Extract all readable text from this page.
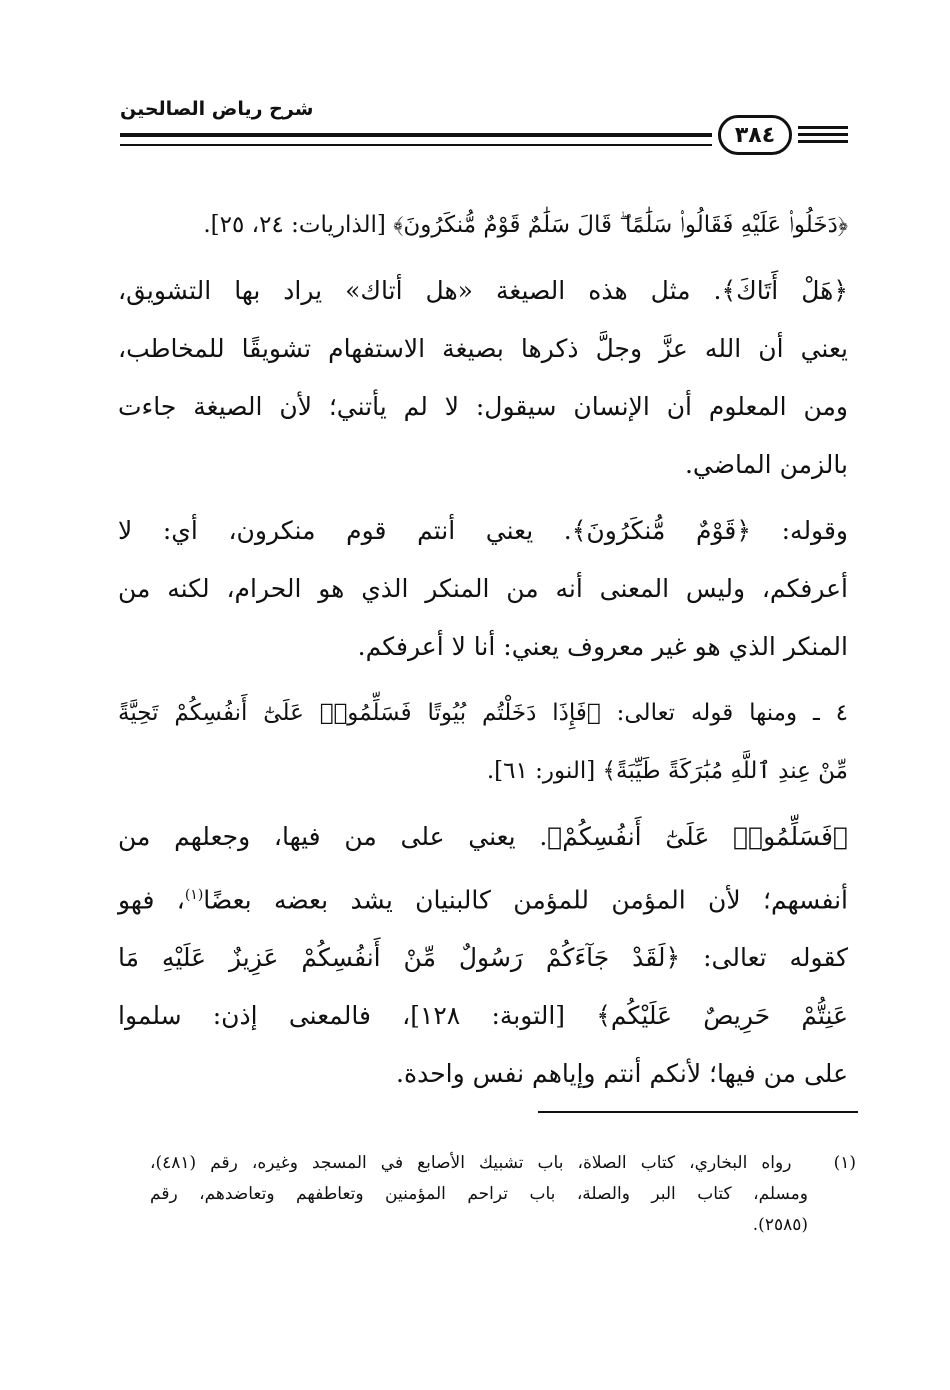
شرح رياض الصالحين
٣٨٤
﴿دَخَلُوا۟ عَلَيْهِ فَقَالُوا۟ سَلَٰمًا ۖ قَالَ سَلَٰمٌ قَوْمٌ مُّنكَرُونَ﴾ [الذاريات: ٢٤، ٢٥].
﴿هَلْ أَتَاكَ﴾. مثل هذه الصيغة «هل أتاك» يراد بها التشويق،
يعني أن الله عزَّ وجلَّ ذكرها بصيغة الاستفهام تشويقًا للمخاطب،
ومن المعلوم أن الإنسان سيقول: لا لم يأتني؛ لأن الصيغة جاءت
بالزمن الماضي.
وقوله: ﴿قَوْمٌ مُّنكَرُونَ﴾. يعني أنتم قوم منكرون، أي: لا
أعرفكم، وليس المعنى أنه من المنكر الذي هو الحرام، لكنه من
المنكر الذي هو غير معروف يعني: أنا لا أعرفكم.
٤ ـ ومنها قوله تعالى: ﴿فَإِذَا دَخَلْتُم بُيُوتًا فَسَلِّمُوا۟ عَلَىٰٓ أَنفُسِكُمْ تَحِيَّةً
مِّنْ عِندِ ٱللَّهِ مُبَٰرَكَةً طَيِّبَةً﴾ [النور: ٦١].
﴿فَسَلِّمُوا۟ عَلَىٰٓ أَنفُسِكُمْ﴾. يعني على من فيها، وجعلهم من
أنفسهم؛ لأن المؤمن للمؤمن كالبنيان يشد بعضه بعضًا$^{(١)}$، فهو
كقوله تعالى: ﴿لَقَدْ جَآءَكُمْ رَسُولٌ مِّنْ أَنفُسِكُمْ عَزِيزٌ عَلَيْهِ مَا
عَنِتُّمْ حَرِيصٌ عَلَيْكُم﴾ [التوبة: ١٢٨]، فالمعنى إذن: سلموا
على من فيها؛ لأنكم أنتم وإياهم نفس واحدة.
(١)   رواه البخاري، كتاب الصلاة، باب تشبيك الأصابع في المسجد وغيره، رقم (٤٨١)،
ومسلم، كتاب البر والصلة، باب تراحم المؤمنين وتعاطفهم وتعاضدهم، رقم
(٢٥٨٥).
